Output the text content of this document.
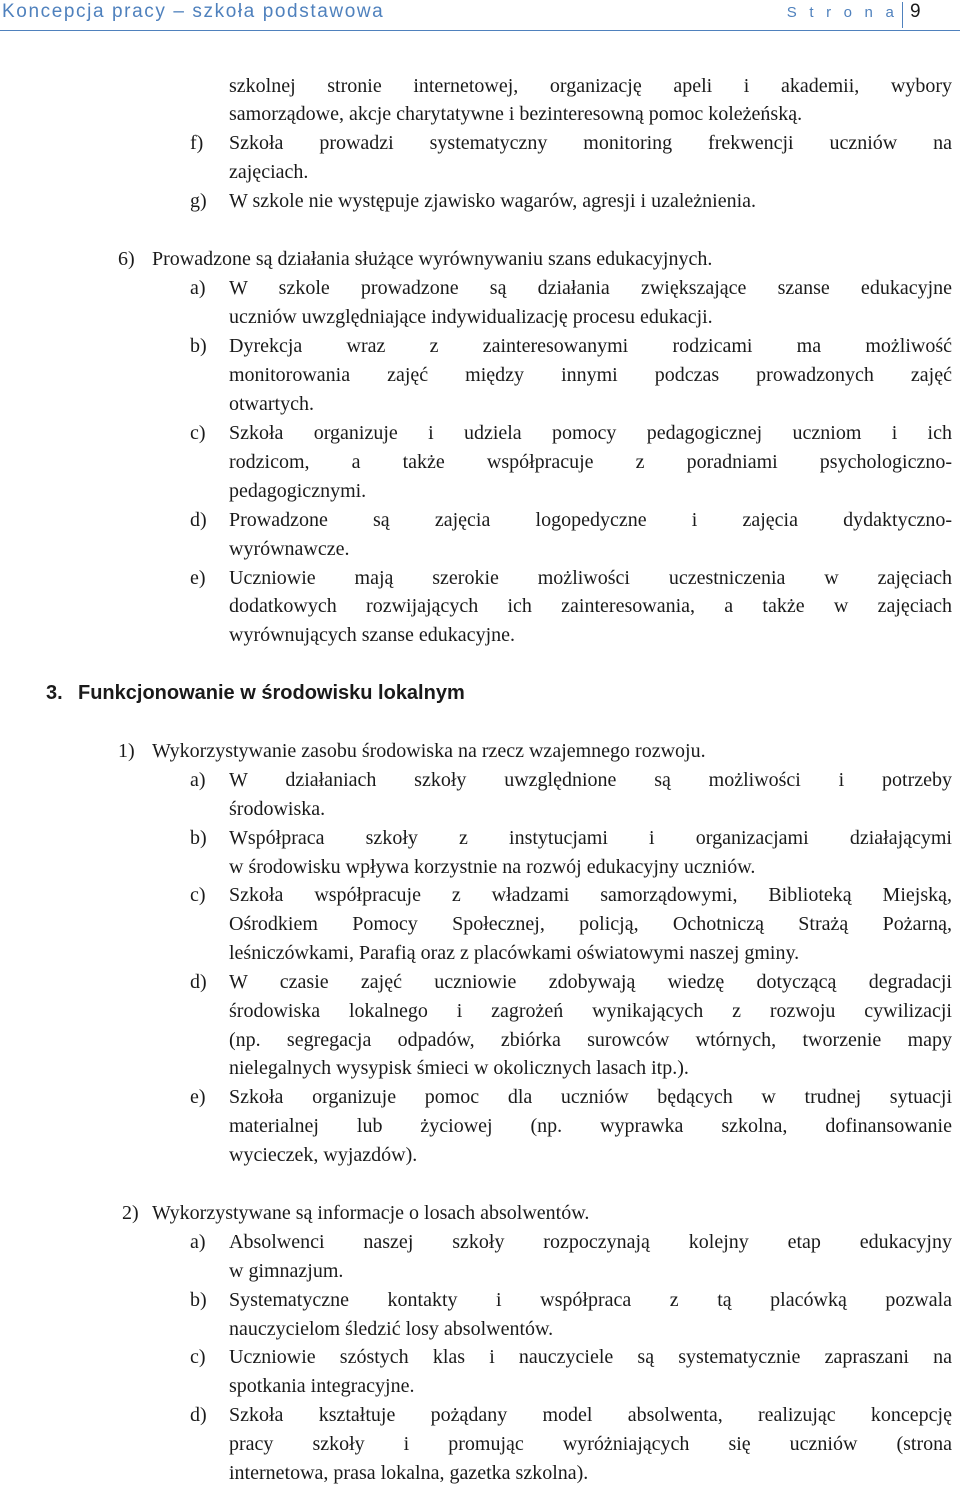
Koncepcja pracy – szkoła podstawowa	S t r o n a 9
szkolnej stronie internetowej, organizację apeli i akademii, wybory
samorządowe, akcje charytatywne i bezinteresowną pomoc koleżeńską.
f) Szkoła prowadzi systematyczny monitoring frekwencji uczniów na
zajęciach.
g) W szkole nie występuje zjawisko wagarów, agresji i uzależnienia.
6) Prowadzone są działania służące wyrównywaniu szans edukacyjnych.
a) W szkole prowadzone są działania zwiększające szanse edukacyjne
uczniów uwzględniające indywidualizację procesu edukacji.
b) Dyrekcja wraz z zainteresowanymi rodzicami ma możliwość
monitorowania zajęć między innymi podczas prowadzonych zajęć
otwartych.
c) Szkoła organizuje i udziela pomocy pedagogicznej uczniom i ich
rodzicom, a także współpracuje z poradniami psychologiczno-
pedagogicznymi.
d) Prowadzone są zajęcia logopedyczne i zajęcia dydaktyczno-
wyrównawcze.
e) Uczniowie mają szerokie możliwości uczestniczenia w zajęciach
dodatkowych rozwijających ich zainteresowania, a także w zajęciach
wyrównujących szanse edukacyjne.
3. Funkcjonowanie w środowisku lokalnym
1) Wykorzystywanie zasobu środowiska na rzecz wzajemnego rozwoju.
a) W działaniach szkoły uwzględnione są możliwości i potrzeby
środowiska.
b) Współpraca szkoły z instytucjami i organizacjami działającymi
w środowisku wpływa korzystnie na rozwój edukacyjny uczniów.
c) Szkoła współpracuje z władzami samorządowymi, Biblioteką Miejską,
Ośrodkiem Pomocy Społecznej, policją, Ochotniczą Strażą Pożarną,
leśniczówkami, Parafią oraz z placówkami oświatowymi naszej gminy.
d) W czasie zajęć uczniowie zdobywają wiedzę dotyczącą degradacji
środowiska lokalnego i zagrożeń wynikających z rozwoju cywilizacji
(np. segregacja odpadów, zbiórka surowców wtórnych, tworzenie mapy
nielegalnych wysypisk śmieci w okolicznych lasach itp.).
e) Szkoła organizuje pomoc dla uczniów będących w trudnej sytuacji
materialnej lub życiowej (np. wyprawka szkolna, dofinansowanie
wycieczek, wyjazdów).
2) Wykorzystywane są informacje o losach absolwentów.
a) Absolwenci naszej szkoły rozpoczynają kolejny etap edukacyjny
w gimnazjum.
b) Systematyczne kontakty i współpraca z tą placówką pozwala
nauczycielom śledzić losy absolwentów.
c) Uczniowie szóstych klas i nauczyciele są systematycznie zapraszani na
spotkania integracyjne.
d) Szkoła kształtuje pożądany model absolwenta, realizując koncepcję
pracy szkoły i promując wyróżniających się uczniów (strona
internetowa, prasa lokalna, gazetka szkolna).
